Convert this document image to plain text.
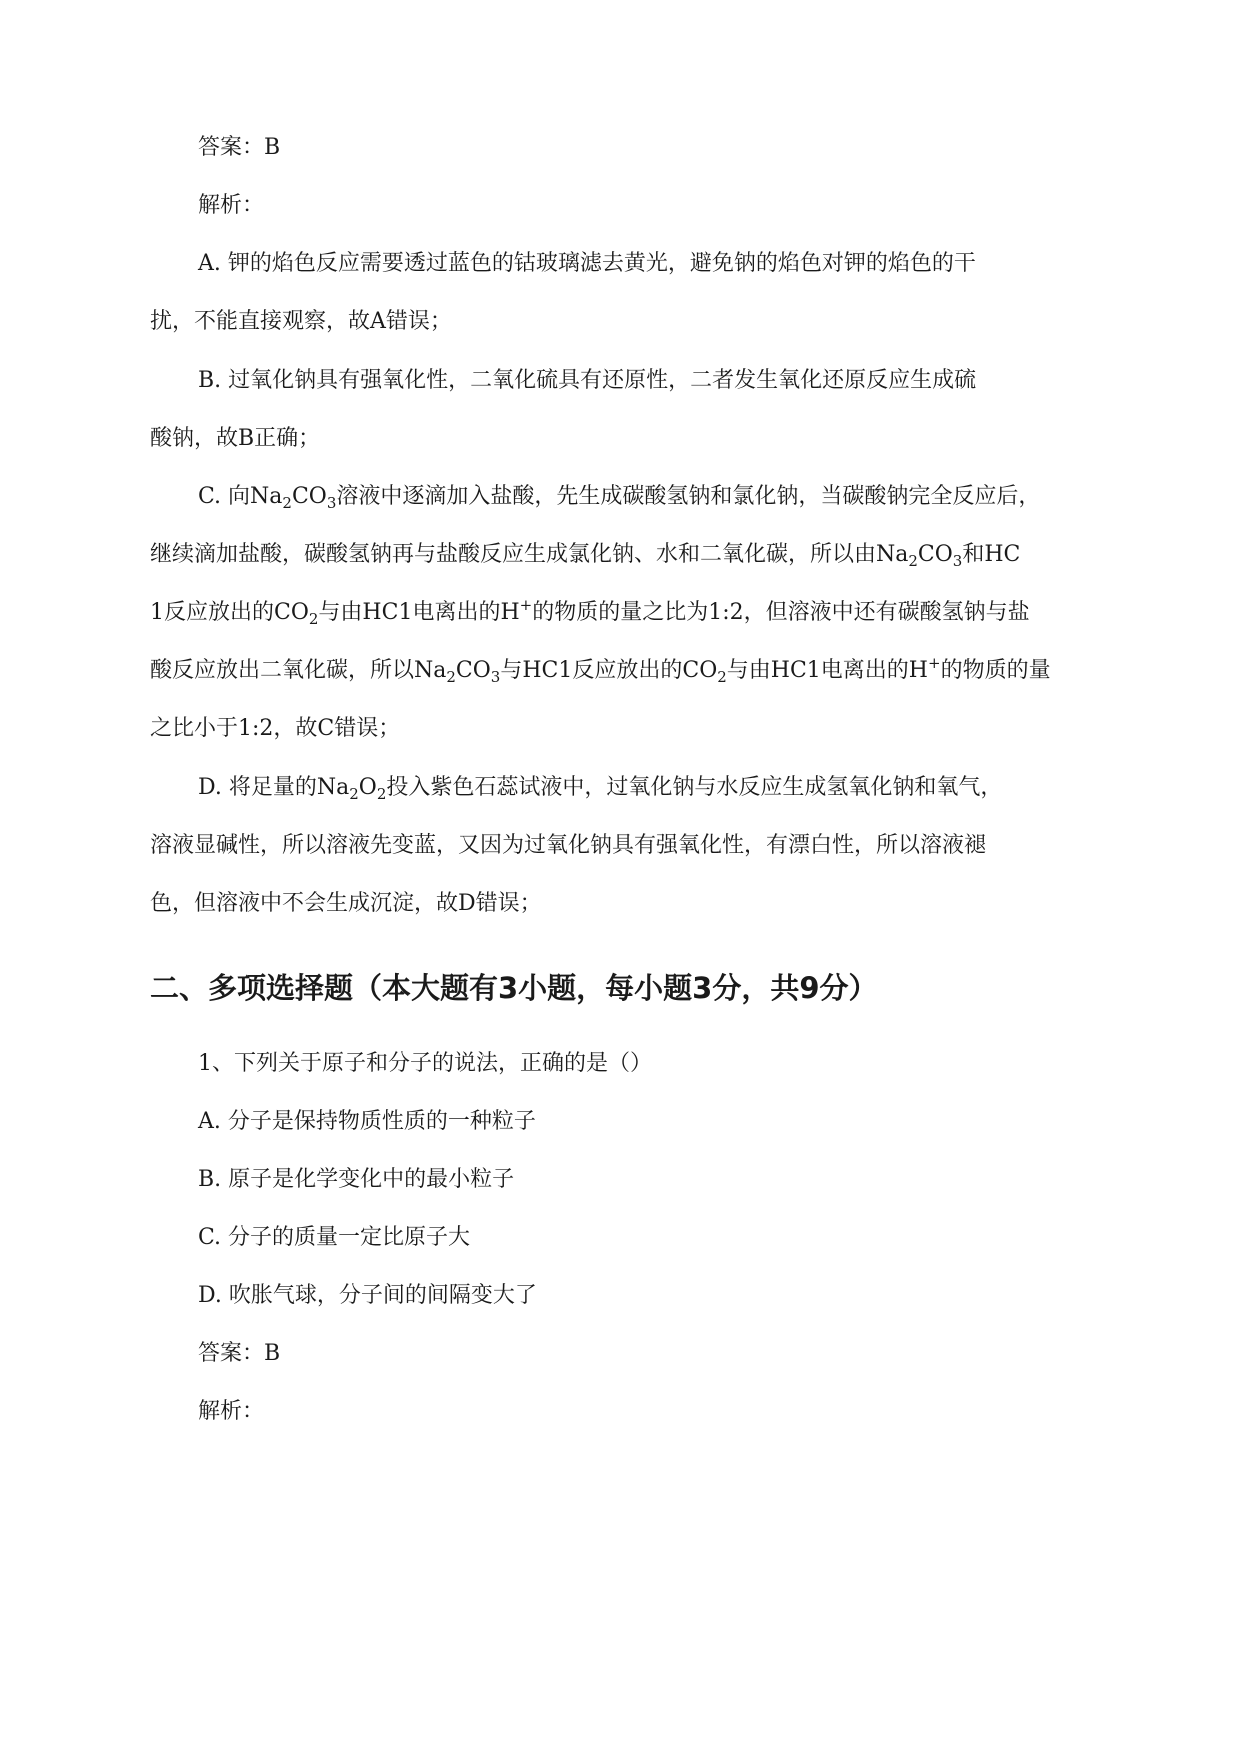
答案：B

解析：

A. 钾的焰色反应需要透过蓝色的钴玻璃滤去黄光，避免钠的焰色对钾的焰色的干

扰，不能直接观察，故A错误；

B. 过氧化钠具有强氧化性，二氧化硫具有还原性，二者发生氧化还原反应生成硫

酸钠，故B正确；

C. 向$Na_2CO_3$溶液中逐滴加入盐酸，先生成碳酸氢钠和氯化钠，当碳酸钠完全反应后，

继续滴加盐酸，碳酸氢钠再与盐酸反应生成氯化钠、水和二氧化碳，所以由$Na_2CO_3$和HC

1反应放出的$CO_2$与由HC1电离出的H+的物质的量之比为1:2，但溶液中还有碳酸氢钠与盐

酸反应放出二氧化碳，所以$Na_2CO_3$与HC1反应放出的$CO_2$与由HC1电离出的H+的物质的量

之比小于1:2，故C错误；

D. 将足量的$Na_2O_2$投入紫色石蕊试液中，过氧化钠与水反应生成氢氧化钠和氧气，

溶液显碱性，所以溶液先变蓝，又因为过氧化钠具有强氧化性，有漂白性，所以溶液褪

色，但溶液中不会生成沉淀，故D错误；

二、多项选择题（本大题有3小题，每小题3分，共9分）

1、下列关于原子和分子的说法，正确的是（）

A. 分子是保持物质性质的一种粒子

B. 原子是化学变化中的最小粒子

C. 分子的质量一定比原子大

D. 吹胀气球，分子间的间隔变大了

答案：B

解析：
